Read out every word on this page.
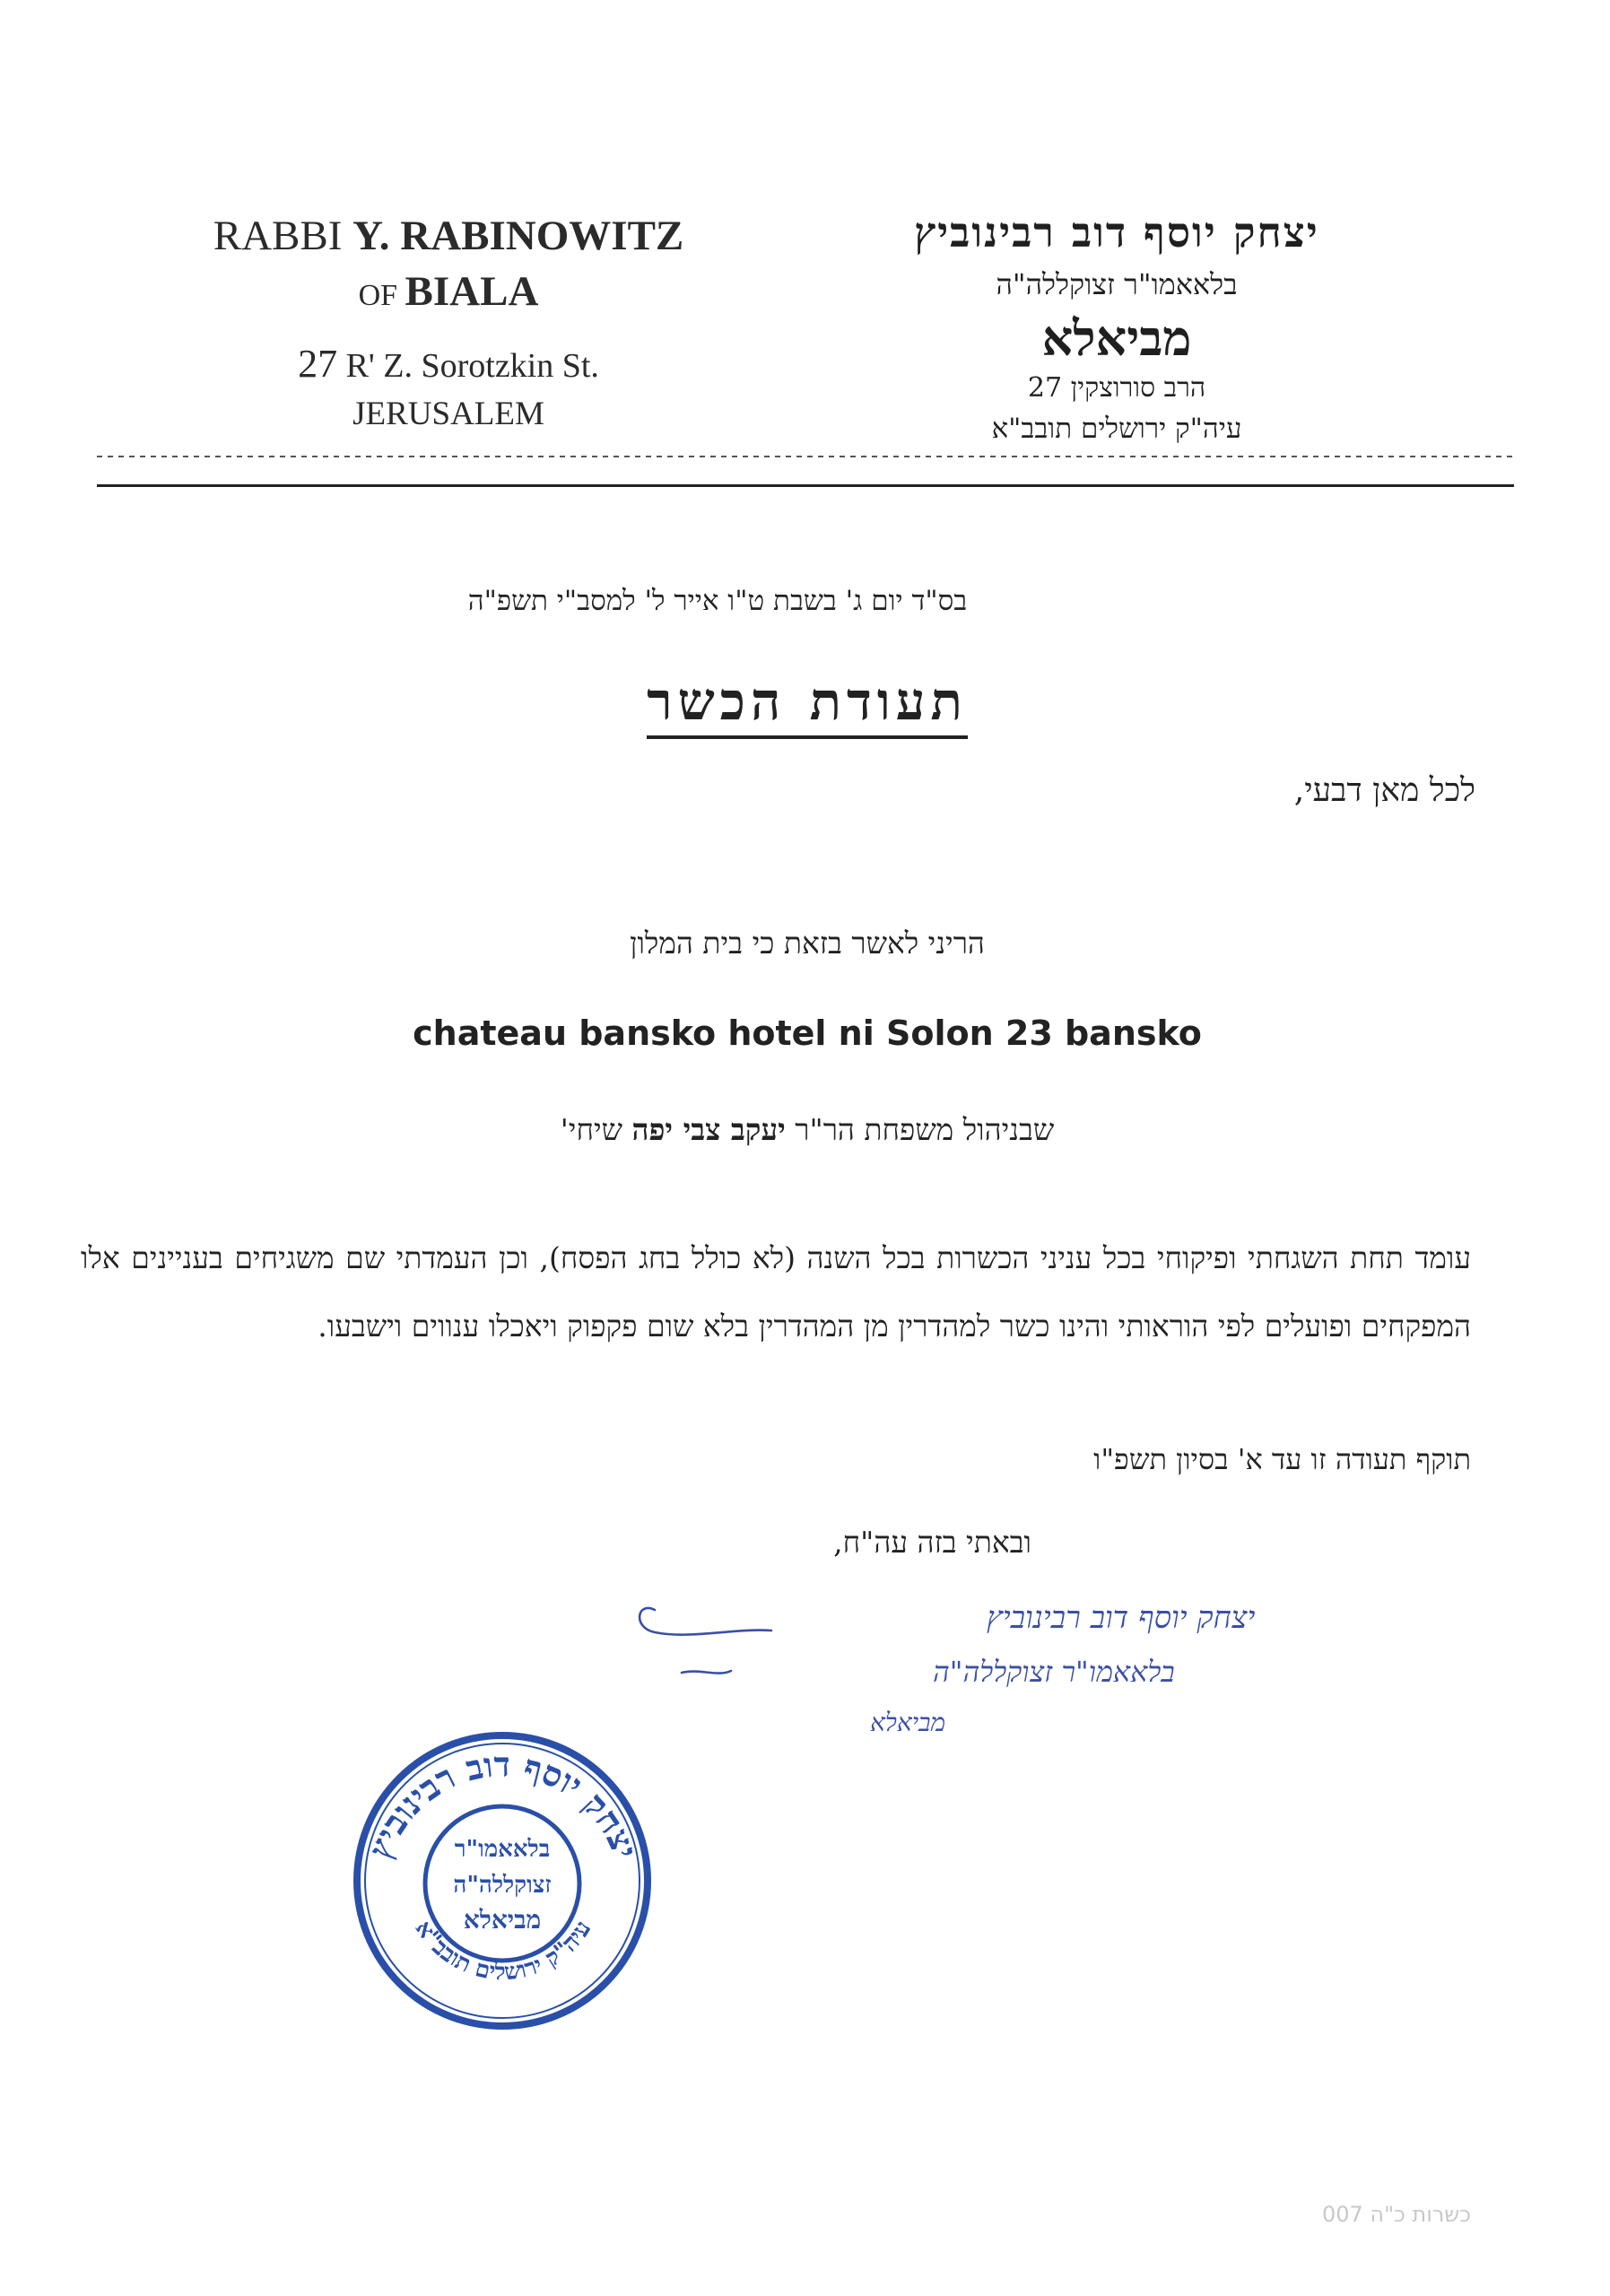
RABBI Y. RABINOWITZ
OF BIALA
27 R' Z. Sorotzkin St.
JERUSALEM
יצחק יוסף דוב רבינוביץ
בלאאמו"ר זצוקללה"ה
מביאלא
הרב סורוצקין 27
עיה"ק ירושלים תובב"א
בס"ד יום ג' בשבת ט"ו אייר ל' למסב"י תשפ"ה
תעודת הכשר
לכל מאן דבעי,
הריני לאשר בזאת כי בית המלון
chateau bansko hotel ni Solon 23 bansko
שבניהול משפחת הר"ר יעקב צבי יפה שיחי'
עומד תחת השגחתי ופיקוחי בכל עניני הכשרות בכל השנה (לא כולל בחג הפסח), וכן העמדתי שם משגיחים בעניינים אלו המפקחים ופועלים לפי הוראותי והינו כשר למהדרין מן המהדרין בלא שום פקפוק ויאכלו ענווים וישבעו.
תוקף תעודה זו עד א' בסיון תשפ"ו
ובאתי בזה עה"ח,
יצחק יוסף דוב רבינוביץ
בלאאמו"ר זצוקללה"ה
מביאלא
יצחק יוסף דוב רבינוביץ
עיה"ק ירושלים תובב"א
בלאאמו"ר
זצוקללה"ה
מביאלא
כשרות כ"ה 007
